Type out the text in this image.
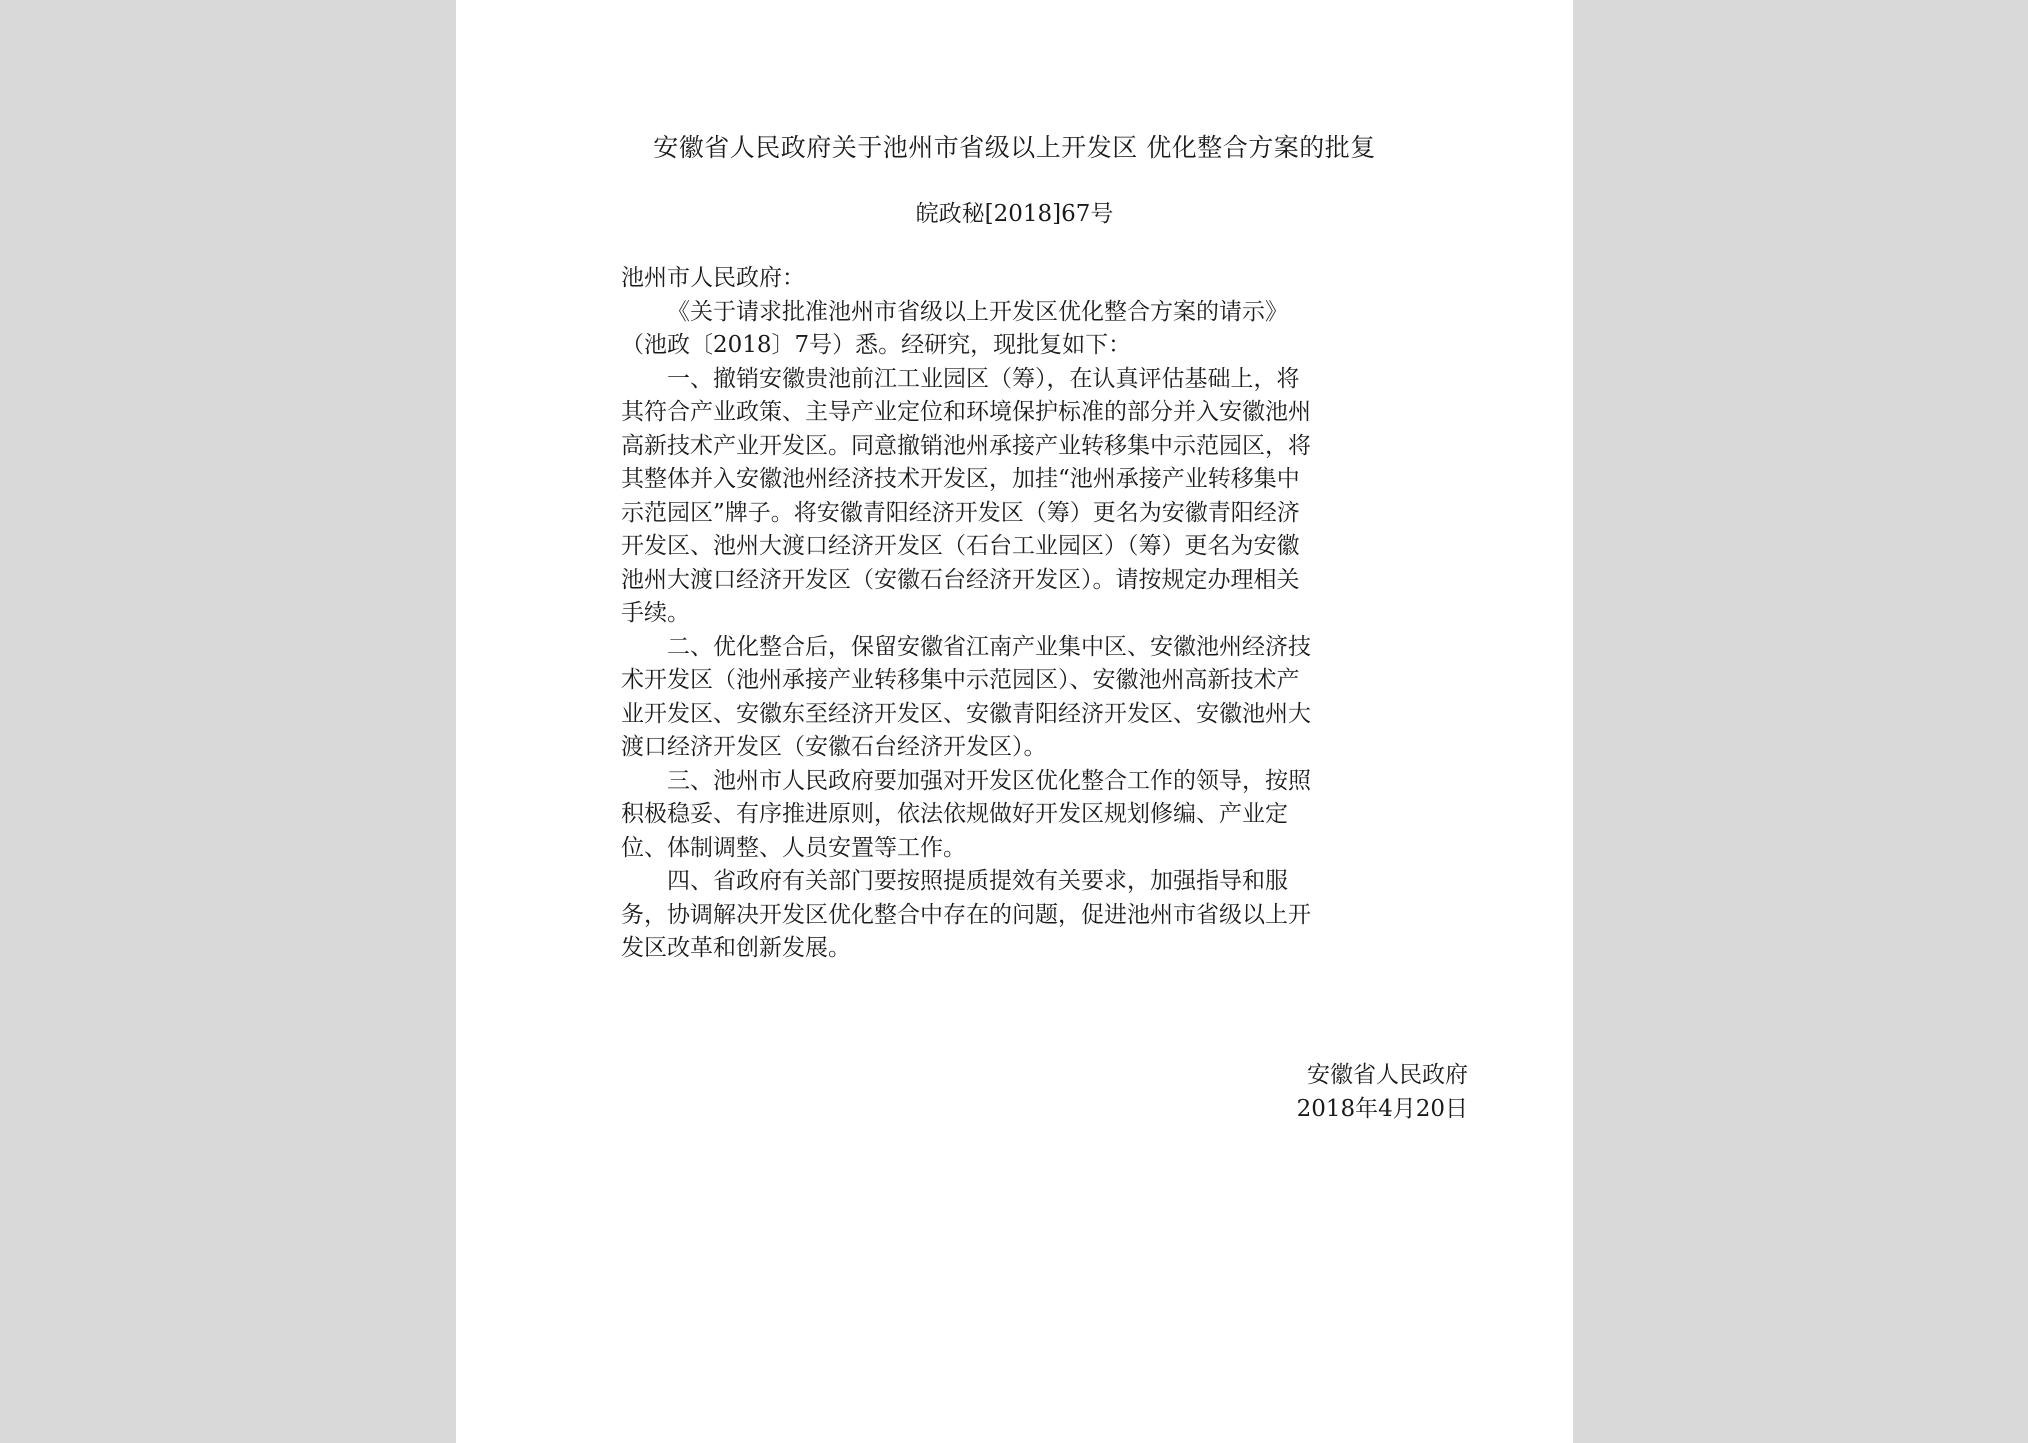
安徽省人民政府关于池州市省级以上开发区 优化整合方案的批复
皖政秘[2018]67号
池州市人民政府：
《关于请求批准池州市省级以上开发区优化整合方案的请示》
（池政〔2018〕7号）悉。经研究，现批复如下：
一、撤销安徽贵池前江工业园区（筹），在认真评估基础上，将
其符合产业政策、主导产业定位和环境保护标准的部分并入安徽池州
高新技术产业开发区。同意撤销池州承接产业转移集中示范园区，将
其整体并入安徽池州经济技术开发区，加挂“池州承接产业转移集中
示范园区”牌子。将安徽青阳经济开发区（筹）更名为安徽青阳经济
开发区、池州大渡口经济开发区（石台工业园区）（筹）更名为安徽
池州大渡口经济开发区（安徽石台经济开发区）。请按规定办理相关
手续。
二、优化整合后，保留安徽省江南产业集中区、安徽池州经济技
术开发区（池州承接产业转移集中示范园区）、安徽池州高新技术产
业开发区、安徽东至经济开发区、安徽青阳经济开发区、安徽池州大
渡口经济开发区（安徽石台经济开发区）。
三、池州市人民政府要加强对开发区优化整合工作的领导，按照
积极稳妥、有序推进原则，依法依规做好开发区规划修编、产业定
位、体制调整、人员安置等工作。
四、省政府有关部门要按照提质提效有关要求，加强指导和服
务，协调解决开发区优化整合中存在的问题，促进池州市省级以上开
发区改革和创新发展。
安徽省人民政府
2018年4月20日
